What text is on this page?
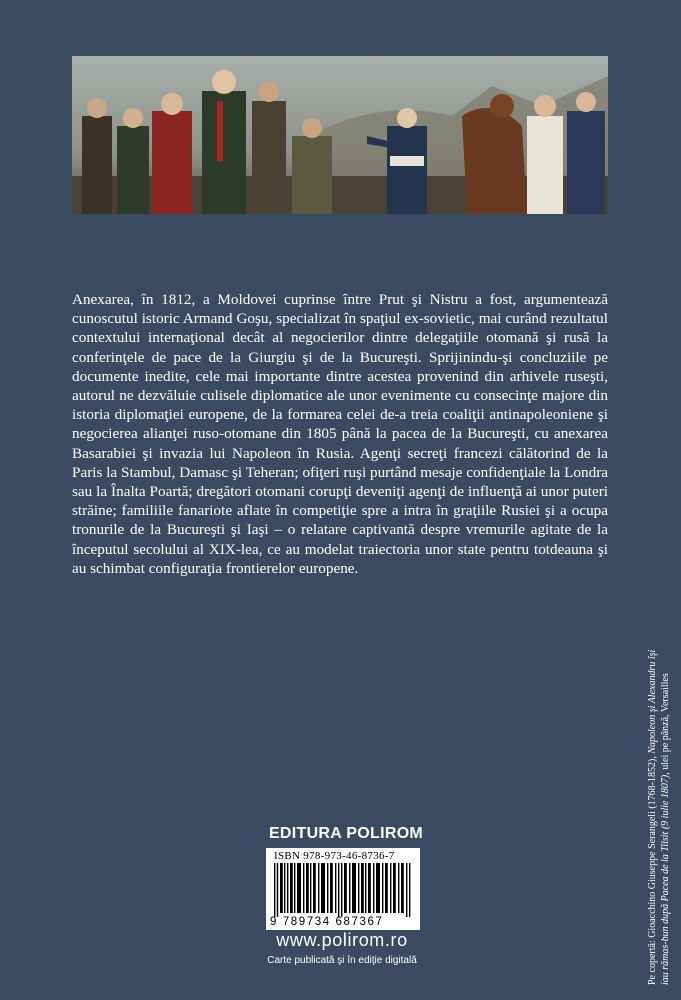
Anexarea, în 1812, a Moldovei cuprinse între Prut şi Nistru a fost, argumentează cunoscutul istoric Armand Goşu, specializat în spaţiul ex-sovietic, mai curând rezultatul contextului internaţional decât al negocierilor dintre delegaţiile otomană şi rusă la conferinţele de pace de la Giurgiu şi de la Bucureşti. Sprijinindu-şi concluziile pe documente inedite, cele mai importante dintre acestea provenind din arhivele ruseşti, autorul ne dezvăluie culisele diplomatice ale unor evenimente cu consecinţe majore din istoria diplomaţiei europene, de la formarea celei de-a treia coaliţii antinapoleoniene şi negocierea alianţei ruso-otomane din 1805 până la pacea de la Bucureşti, cu anexarea Basarabiei şi invazia lui Napoleon în Rusia. Agenţi secreţi francezi călătorind de la Paris la Stambul, Damasc şi Teheran; ofiţeri ruşi purtând mesaje confidenţiale la Londra sau la Înalta Poartă; dregători otomani corupţi deveniţi agenţi de influenţă ai unor puteri străine; familiile fanariote aflate în competiţie spre a intra în graţiile Rusiei şi a ocupa tronurile de la Bucureşti şi Iaşi – o relatare captivantă despre vremurile agitate de la începutul secolului al XIX-lea, ce au modelat traiectoria unor state pentru totdeauna şi au schimbat configuraţia frontierelor europene.

EDITURA POLIROM
ISBN 978-973-46-8736-7
9 789734 687367
www.polirom.ro
Carte publicată şi în ediţie digitală	Pe copertă: Gioacchino Giuseppe Serangeli (1768-1852), Napoleon şi Alexandru îşi iau rămas-bun după Pacea de la Tilsit (9 iulie 1807), ulei pe pânză, Versailles
